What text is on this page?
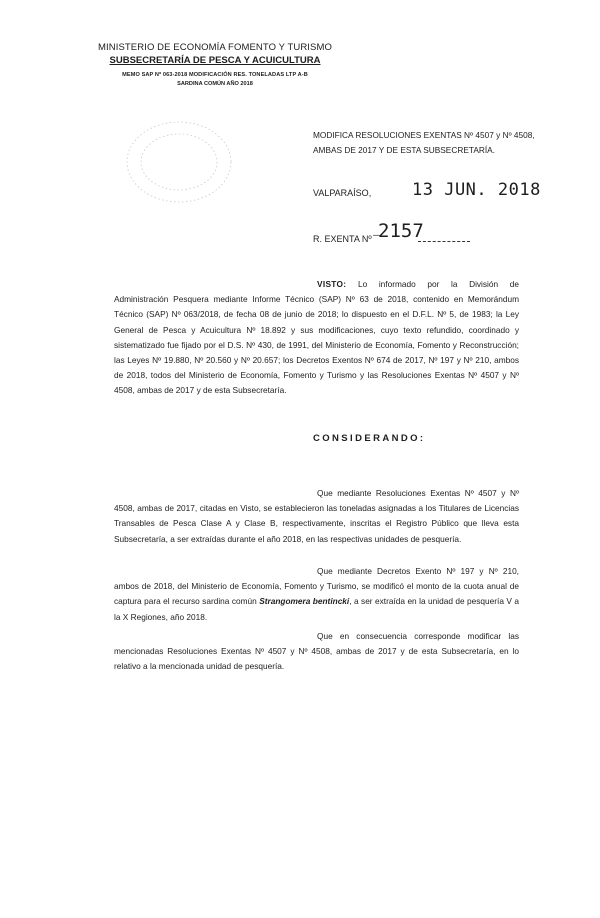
MINISTERIO DE ECONOMÍA FOMENTO Y TURISMO
SUBSECRETARÍA DE PESCA Y ACUICULTURA
MEMO SAP Nº 063-2018 MODIFICACIÓN RES. TONELADAS LTP A-B
SARDINA COMÚN AÑO 2018
MODIFICA RESOLUCIONES EXENTAS Nº 4507 y Nº 4508, AMBAS DE 2017 Y DE ESTA SUBSECRETARÍA.
VALPARAÍSO, 13 JUN. 2018
R. EXENTA Nº –
2157
VISTO: Lo informado por la División de Administración Pesquera mediante Informe Técnico (SAP) Nº 63 de 2018, contenido en Memorándum Técnico (SAP) Nº 063/2018, de fecha 08 de junio de 2018; lo dispuesto en el D.F.L. Nº 5, de 1983; la Ley General de Pesca y Acuicultura Nº 18.892 y sus modificaciones, cuyo texto refundido, coordinado y sistematizado fue fijado por el D.S. Nº 430, de 1991, del Ministerio de Economía, Fomento y Reconstrucción; las Leyes Nº 19.880, Nº 20.560 y Nº 20.657; los Decretos Exentos Nº 674 de 2017, Nº 197 y Nº 210, ambos de 2018, todos del Ministerio de Economía, Fomento y Turismo y las Resoluciones Exentas Nº 4507 y Nº 4508, ambas de 2017 y de esta Subsecretaría.
CONSIDERANDO:
Que mediante Resoluciones Exentas Nº 4507 y Nº 4508, ambas de 2017, citadas en Visto, se establecieron las toneladas asignadas a los Titulares de Licencias Transables de Pesca Clase A y Clase B, respectivamente, inscritas el Registro Público que lleva esta Subsecretaría, a ser extraídas durante el año 2018, en las respectivas unidades de pesquería.
Que mediante Decretos Exento Nº 197 y Nº 210, ambos de 2018, del Ministerio de Economía, Fomento y Turismo, se modificó el monto de la cuota anual de captura para el recurso sardina común Strangomera bentincki, a ser extraída en la unidad de pesquería V a la X Regiones, año 2018.
Que en consecuencia corresponde modificar las mencionadas Resoluciones Exentas Nº 4507 y Nº 4508, ambas de 2017 y de esta Subsecretaría, en lo relativo a la mencionada unidad de pesquería.
